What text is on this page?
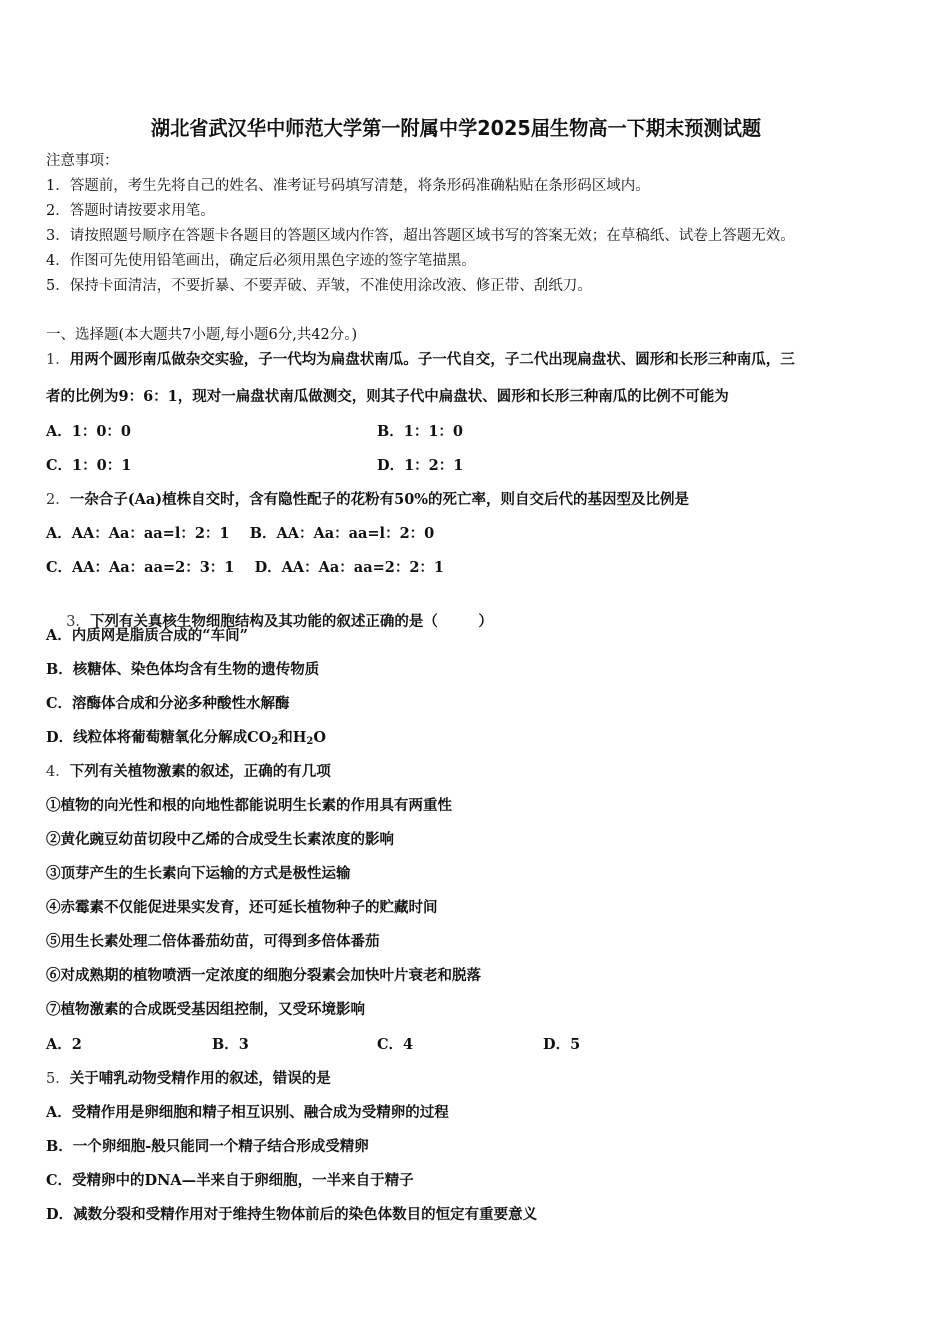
湖北省武汉华中师范大学第一附属中学2025届生物高一下期末预测试题
注意事项：
1．答题前，考生先将自己的姓名、准考证号码填写清楚，将条形码准确粘贴在条形码区域内。
2．答题时请按要求用笔。
3．请按照题号顺序在答题卡各题目的答题区域内作答，超出答题区域书写的答案无效；在草稿纸、试卷上答题无效。
4．作图可先使用铅笔画出，确定后必须用黑色字迹的签字笔描黑。
5．保持卡面清洁，不要折暴、不要弄破、弄皱，不准使用涂改液、修正带、刮纸刀。
一、选择题(本大题共7小题,每小题6分,共42分。)
1．用两个圆形南瓜做杂交实验，子一代均为扁盘状南瓜。子一代自交，子二代出现扁盘状、圆形和长形三种南瓜，三
者的比例为9：6：1，现对一扁盘状南瓜做测交，则其子代中扁盘状、圆形和长形三种南瓜的比例不可能为
A．1：0：0	B．1：1：0
C．1：0：1	D．1：2：1
2．一杂合子(Aa)植株自交时，含有隐性配子的花粉有50%的死亡率，则自交后代的基因型及比例是
A．AA：Aa：aa=l：2：1    B．AA：Aa：aa=l：2：0
C．AA：Aa：aa=2：3：1    D．AA：Aa：aa=2：2：1

3．下列有关真核生物细胞结构及其功能的叙述正确的是（        ）

A．内质网是脂质合成的“车间”
B．核糖体、染色体均含有生物的遗传物质
C．溶酶体合成和分泌多种酸性水解酶
D．线粒体将葡萄糖氧化分解成$CO_2$和$H_2O$
4．下列有关植物激素的叙述，正确的有几项
①植物的向光性和根的向地性都能说明生长素的作用具有两重性
②黄化豌豆幼苗切段中乙烯的合成受生长素浓度的影响
③顶芽产生的生长素向下运输的方式是极性运输
④赤霉素不仅能促进果实发育，还可延长植物种子的贮藏时间
⑤用生长素处理二倍体番茄幼苗，可得到多倍体番茄
⑥对成熟期的植物喷洒一定浓度的细胞分裂素会加快叶片衰老和脱落
⑦植物激素的合成既受基因组控制，又受环境影响
A．2	B．3	C．4	D．5
5．关于哺乳动物受精作用的叙述，错误的是
A．受精作用是卵细胞和精子相互识别、融合成为受精卵的过程
B．一个卵细胞-般只能同一个精子结合形成受精卵
C．受精卵中的DNA—半来自于卵细胞，一半来自于精子
D．减数分裂和受精作用对于维持生物体前后的染色体数目的恒定有重要意义
